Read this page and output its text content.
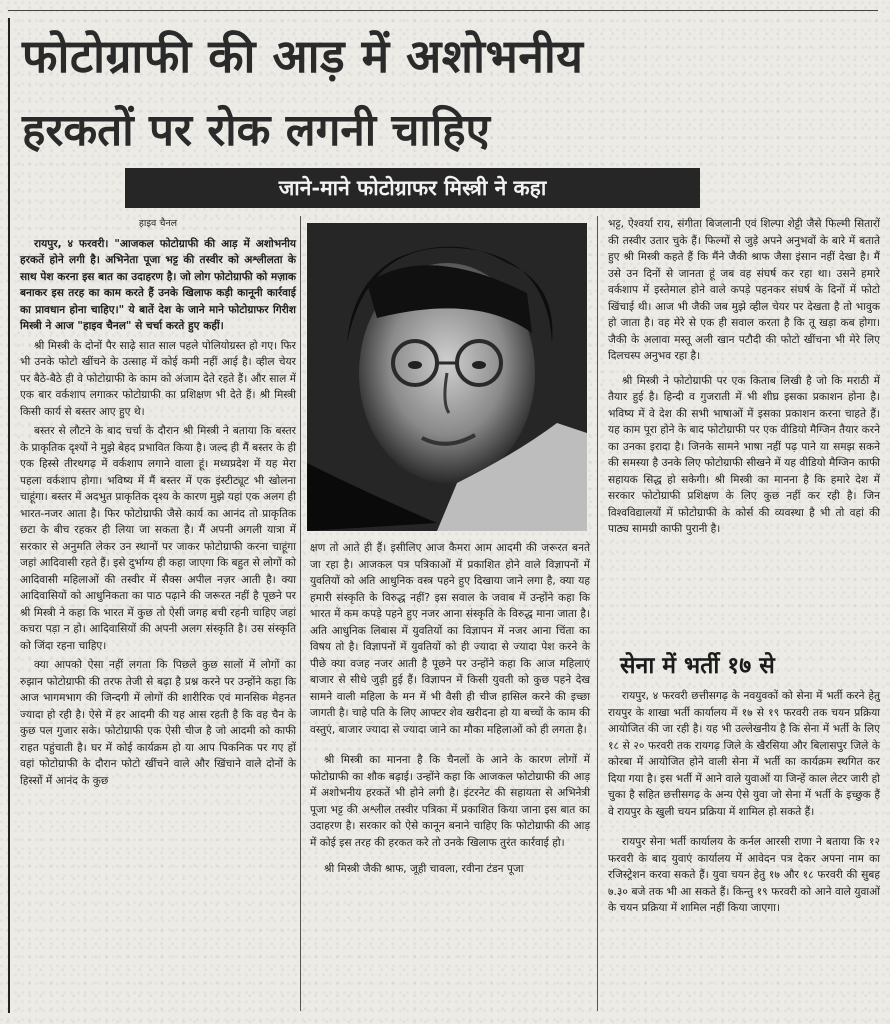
फोटोग्राफी की आड़ में अशोभनीय
हरकतों पर रोक लगनी चाहिए
जाने-माने फोटोग्राफर मिस्त्री ने कहा

हाइव चैनल

रायपुर, ४ फरवरी। "आजकल फोटोग्राफी की आड़ में अशोभनीय हरकतें होने लगी है। अभिनेता पूजा भट्ट की तस्वीर को अश्लीलता के साथ पेश करना इस बात का उदाहरण है। जो लोग फोटोग्राफी को मज़ाक बनाकर इस तरह का काम करते हैं उनके खिलाफ कड़ी कानूनी कार्रवाई का प्रावधान होना चाहिए।" ये बातें देश के जाने माने फोटोग्राफर गिरीश मिस्त्री ने आज "हाइव चैनल" से चर्चा करते हुए कहीं।

श्री मिस्त्री के दोनों पैर साढ़े सात साल पहले पोलियोग्रस्त हो गए। फिर भी उनके फोटो खींचने के उत्साह में कोई कमी नहीं आई है। व्हील चेयर पर बैठे-बैठे ही वे फोटोग्राफी के काम को अंजाम देते रहते हैं। और साल में एक बार वर्कशाप लगाकर फोटोग्राफी का प्रशिक्षण भी देते हैं। श्री मिस्त्री किसी कार्य से बस्तर आए हुए थे।

बस्तर से लौटने के बाद चर्चा के दौरान श्री मिस्त्री ने बताया कि बस्तर के प्राकृतिक दृश्यों ने मुझे बेहद प्रभावित किया है। जल्द ही मैं बस्तर के ही एक हिस्से तीरथगढ़ में वर्कशाप लगाने वाला हूं। मध्यप्रदेश में यह मेरा पहला वर्कशाप होगा। भविष्य में मैं बस्तर में एक इंस्टीट्यूट भी खोलना चाहूंगा। बस्तर में अदभुत प्राकृतिक दृश्य के कारण मुझे यहां एक अलग ही भारत-नजर आता है। फिर फोटोग्राफी जैसे कार्य का आनंद तो प्राकृतिक छटा के बीच रहकर ही लिया जा सकता है। मैं अपनी अगली यात्रा में सरकार से अनुमति लेकर उन स्थानों पर जाकर फोटोग्राफी करना चाहूंगा जहां आदिवासी रहते हैं। इसे दुर्भाग्य ही कहा जाएगा कि बहुत से लोगों को आदिवासी महिलाओं की तस्वीर में सैक्स अपील नज़र आती है। क्या आदिवासियों को आधुनिकता का पाठ पढ़ाने की जरूरत नहीं है पूछने पर श्री मिस्त्री ने कहा कि भारत में कुछ तो ऐसी जगह बची रहनी चाहिए जहां कचरा पड़ा न हो। आदिवासियों की अपनी अलग संस्कृति है। उस संस्कृति को जिंदा रहना चाहिए।

क्या आपको ऐसा नहीं लगता कि पिछले कुछ सालों में लोगों का रुझान फोटोग्राफी की तरफ तेजी से बढ़ा है प्रश्न करने पर उन्होंने कहा कि आज भागमभाग की जिन्दगी में लोगों की शारीरिक एवं मानसिक मेहनत ज्यादा हो रही है। ऐसे में हर आदमी की यह आस रहती है कि वह चैन के कुछ पल गुजार सके। फोटोग्राफी एक ऐसी चीज है जो आदमी को काफी राहत पहुंचाती है। घर में कोई कार्यक्रम हो या आप पिकनिक पर गए हों वहां फोटोग्राफी के दौरान फोटो खींचने वाले और खिंचाने वाले दोनों के हिस्सों में आनंद के कुछ

क्षण तो आते ही हैं। इसीलिए आज कैमरा आम आदमी की जरूरत बनते जा रहा है। आजकल पत्र पत्रिकाओं में प्रकाशित होने वाले विज्ञापनों में युवतियों को अति आधुनिक वस्त्र पहने हुए दिखाया जाने लगा है, क्या यह हमारी संस्कृति के विरुद्ध नहीं? इस सवाल के जवाब में उन्होंने कहा कि भारत में कम कपड़े पहने हुए नजर आना संस्कृति के विरुद्ध माना जाता है। अति आधुनिक लिबास में युवतियों का विज्ञापन में नजर आना चिंता का विषय तो है। विज्ञापनों में युवतियों को ही ज्यादा से ज्यादा पेश करने के पीछे क्या वजह नजर आती है पूछने पर उन्होंने कहा कि आज महिलाएं बाजार से सीधे जुड़ी हुई हैं। विज्ञापन में किसी युवती को कुछ पहने देख सामने वाली महिला के मन में भी वैसी ही चीज हासिल करने की इच्छा जागती है। चाहे पति के लिए आफ्टर शेव खरीदना हो या बच्चों के काम की वस्तुएं, बाजार ज्यादा से ज्यादा जाने का मौका महिलाओं को ही लगता है।

श्री मिस्त्री का मानना है कि चैनलों के आने के कारण लोगों में फोटोग्राफी का शौक बढ़ाई। उन्होंने कहा कि आजकल फोटोग्राफी की आड़ में अशोभनीय हरकतें भी होने लगी है। इंटरनेट की सहायता से अभिनेत्री पूजा भट्ट की अश्लील तस्वीर पत्रिका में प्रकाशित किया जाना इस बात का उदाहरण है। सरकार को ऐसे कानून बनाने चाहिए कि फोटोग्राफी की आड़ में कोई इस तरह की हरकत करे तो उनके खिलाफ तुरंत कार्रवाई हो।

श्री मिस्त्री जैकी श्राफ, जूही चावला, रवीना टंडन पूजा

भट्ट, ऐश्वर्या राय, संगीता बिजलानी एवं शिल्पा शेट्टी जैसे फिल्मी सितारों की तस्वीर उतार चुके हैं। फिल्मों से जुड़े अपने अनुभवों के बारे में बताते हुए श्री मिस्त्री कहते हैं कि मैंने जैकी श्राफ जैसा इंसान नहीं देखा है। मैं उसे उन दिनों से जानता हूं जब वह संघर्ष कर रहा था। उसने हमारे वर्कशाप में इस्तेमाल होने वाले कपड़े पहनकर संघर्ष के दिनों में फोटो खिंचाई थी। आज भी जैकी जब मुझे व्हील चेयर पर देखता है तो भावुक हो जाता है। वह मेरे से एक ही सवाल करता है कि तू खड़ा कब होगा। जैकी के अलावा मस्तू अली खान पटौदी की फोटो खींचना भी मेरे लिए दिलचस्प अनुभव रहा है।

श्री मिस्त्री ने फोटोग्राफी पर एक किताब लिखी है जो कि मराठी में तैयार हुई है। हिन्दी व गुजराती में भी शीघ्र इसका प्रकाशन होना है। भविष्य में वे देश की सभी भाषाओं में इसका प्रकाशन करना चाहते हैं। यह काम पूरा होने के बाद फोटोग्राफी पर एक वीडियो मैग्जिन तैयार करने का उनका इरादा है। जिनके सामने भाषा नहीं पढ़ पाने या समझ सकने की समस्या है उनके लिए फोटोग्राफी सीखने में यह वीडियो मैग्जिन काफी सहायक सिद्ध हो सकेगी। श्री मिस्त्री का मानना है कि हमारे देश में सरकार फोटोग्राफी प्रशिक्षण के लिए कुछ नहीं कर रही है। जिन विश्वविद्यालयों में फोटोग्राफी के कोर्स की व्यवस्था है भी तो वहां की पाठ्य सामग्री काफी पुरानी है।

सेना में भर्ती १७ से

रायपुर, ४ फरवरी छत्तीसगढ़ के नवयुवकों को सेना में भर्ती करने हेतु रायपुर के शाखा भर्ती कार्यालय में १७ से १९ फरवरी तक चयन प्रक्रिया आयोजित की जा रही है। यह भी उल्लेखनीय है कि सेना में भर्ती के लिए १८ से २० फरवरी तक रायगढ़ जिले के खैरसिया और बिलासपुर जिले के कोरबा में आयोजित होने वाली सेना में भर्ती का कार्यक्रम स्थगित कर दिया गया है। इस भर्ती में आने वाले युवाओं या जिन्हें काल लेटर जारी हो चुका है सहित छत्तीसगढ़ के अन्य ऐसे युवा जो सेना में भर्ती के इच्छुक हैं वे रायपुर के खुली चयन प्रक्रिया में शामिल हो सकते हैं।

रायपुर सेना भर्ती कार्यालय के कर्नल आरसी राणा ने बताया कि १२ फरवरी के बाद युवाएं कार्यालय में आवेदन पत्र देकर अपना नाम का रजिस्ट्रेशन करवा सकते हैं। युवा चयन हेतु १७ और १८ फरवरी की सुबह ७.३० बजे तक भी आ सकते हैं। किन्तु १९ फरवरी को आने वाले युवाओं के चयन प्रक्रिया में शामिल नहीं किया जाएगा।
